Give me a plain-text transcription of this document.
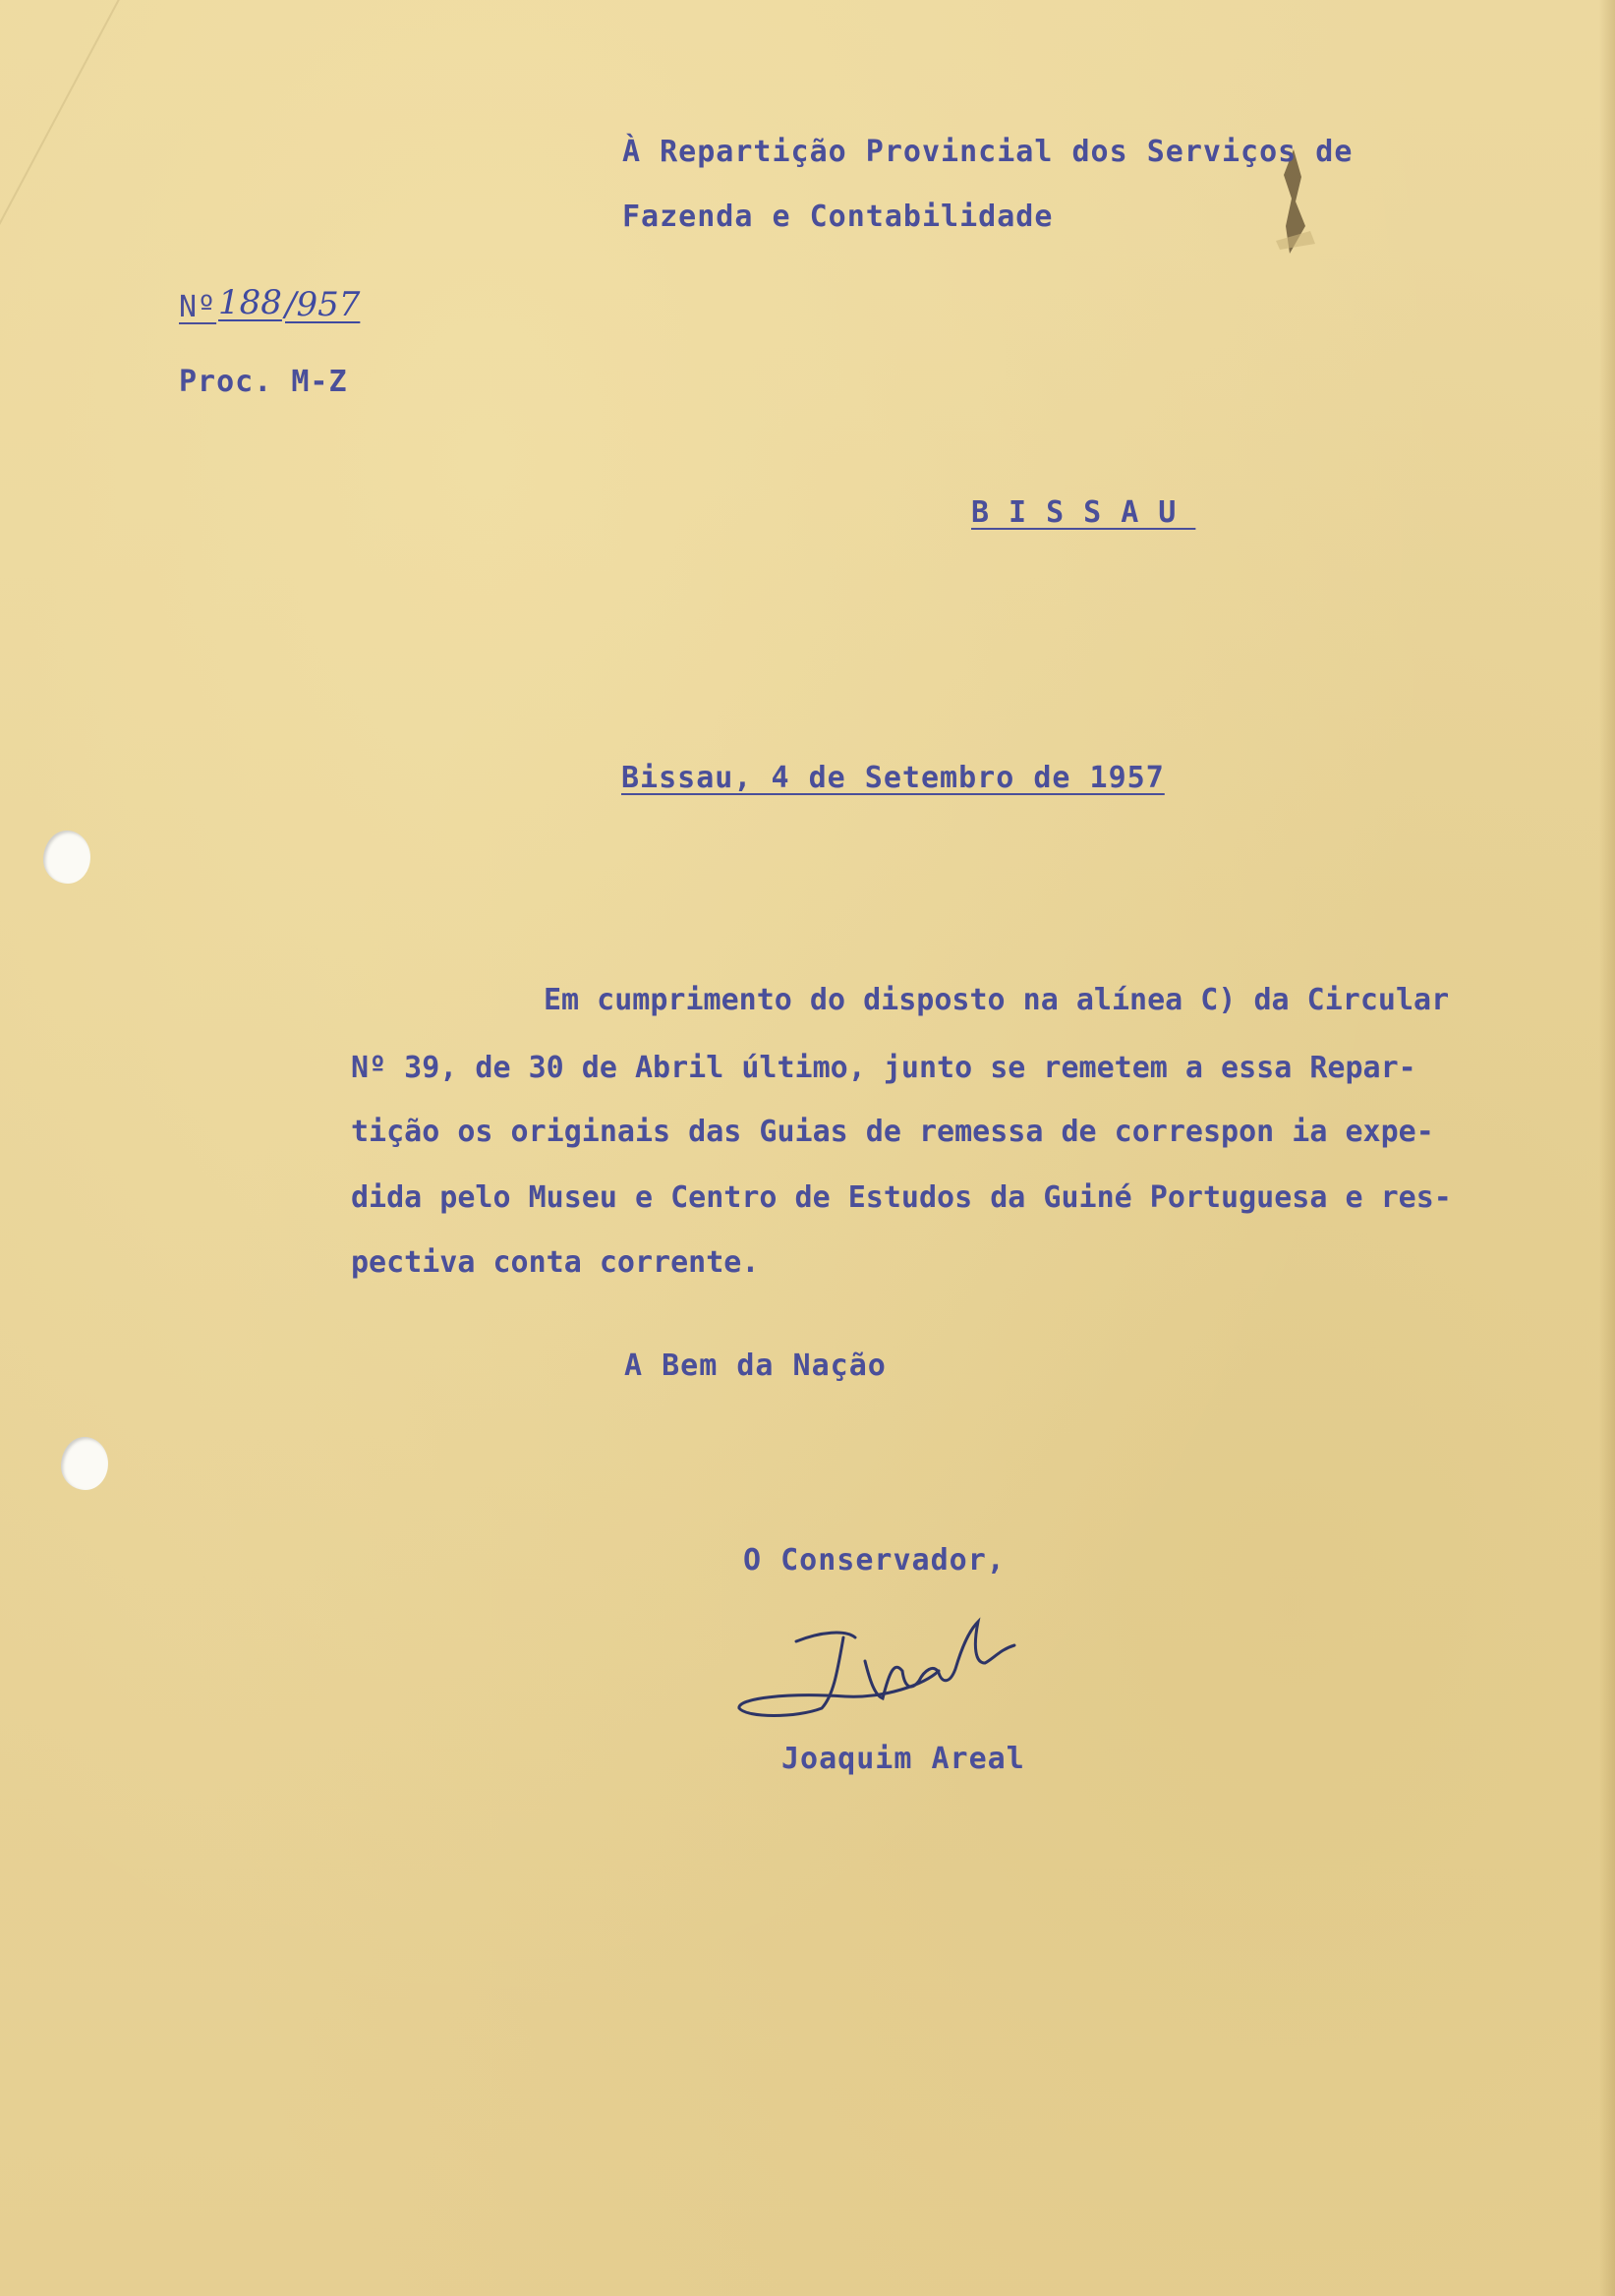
À Repartição Provincial dos Serviços de

Fazenda e Contabilidade

Nº 188 /957

Proc. M-Z

BISSAU

Bissau, 4 de Setembro de 1957

Em cumprimento do disposto na alínea C) da Circular

Nº 39, de 30 de Abril último, junto se remetem a essa Repar-

tição os originais das Guias de remessa de correspon ia expe-

dida pelo Museu e Centro de Estudos da Guiné Portuguesa e res-

pectiva conta corrente.

A Bem da Nação

O Conservador,

Joaquim Areal
